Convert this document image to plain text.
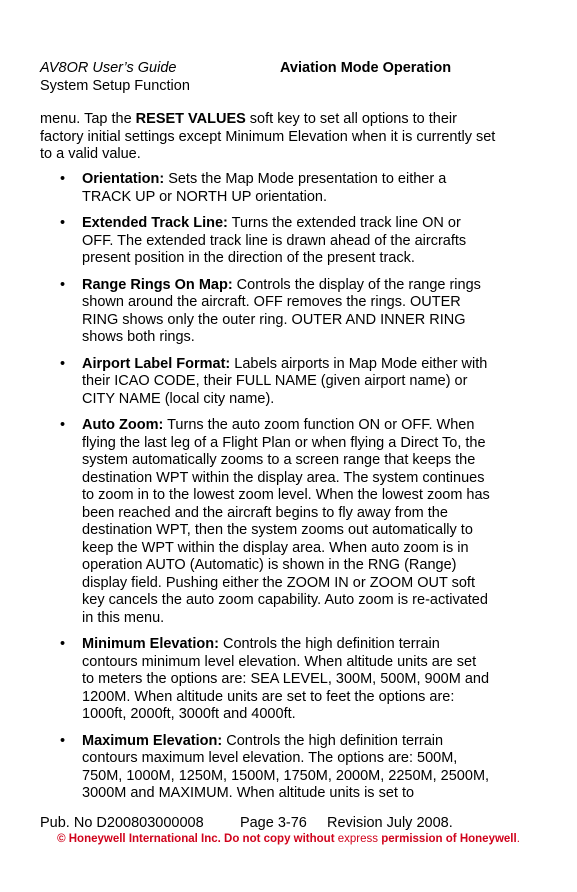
AV8OR User’s Guide	Aviation Mode Operation
System Setup Function

menu. Tap the RESET VALUES soft key to set all options to their factory initial settings except Minimum Elevation when it is currently set to a valid value.

• Orientation: Sets the Map Mode presentation to either a TRACK UP or NORTH UP orientation.
• Extended Track Line: Turns the extended track line ON or OFF. The extended track line is drawn ahead of the aircrafts present position in the direction of the present track.
• Range Rings On Map: Controls the display of the range rings shown around the aircraft. OFF removes the rings. OUTER RING shows only the outer ring. OUTER AND INNER RING shows both rings.
• Airport Label Format: Labels airports in Map Mode either with their ICAO CODE, their FULL NAME (given airport name) or CITY NAME (local city name).
• Auto Zoom: Turns the auto zoom function ON or OFF. When flying the last leg of a Flight Plan or when flying a Direct To, the system automatically zooms to a screen range that keeps the destination WPT within the display area. The system continues to zoom in to the lowest zoom level. When the lowest zoom has been reached and the aircraft begins to fly away from the destination WPT, then the system zooms out automatically to keep the WPT within the display area. When auto zoom is in operation AUTO (Automatic) is shown in the RNG (Range) display field. Pushing either the ZOOM IN or ZOOM OUT soft key cancels the auto zoom capability. Auto zoom is re-activated in this menu.
• Minimum Elevation: Controls the high definition terrain contours minimum level elevation. When altitude units are set to meters the options are: SEA LEVEL, 300M, 500M, 900M and 1200M. When altitude units are set to feet the options are: 1000ft, 2000ft, 3000ft and 4000ft.
• Maximum Elevation: Controls the high definition terrain contours maximum level elevation. The options are: 500M, 750M, 1000M, 1250M, 1500M, 1750M, 2000M, 2250M, 2500M, 3000M and MAXIMUM. When altitude units is set to
Pub. No D200803000008	Page 3-76 Revision July 2008.
© Honeywell International Inc. Do not copy without express permission of Honeywell.
